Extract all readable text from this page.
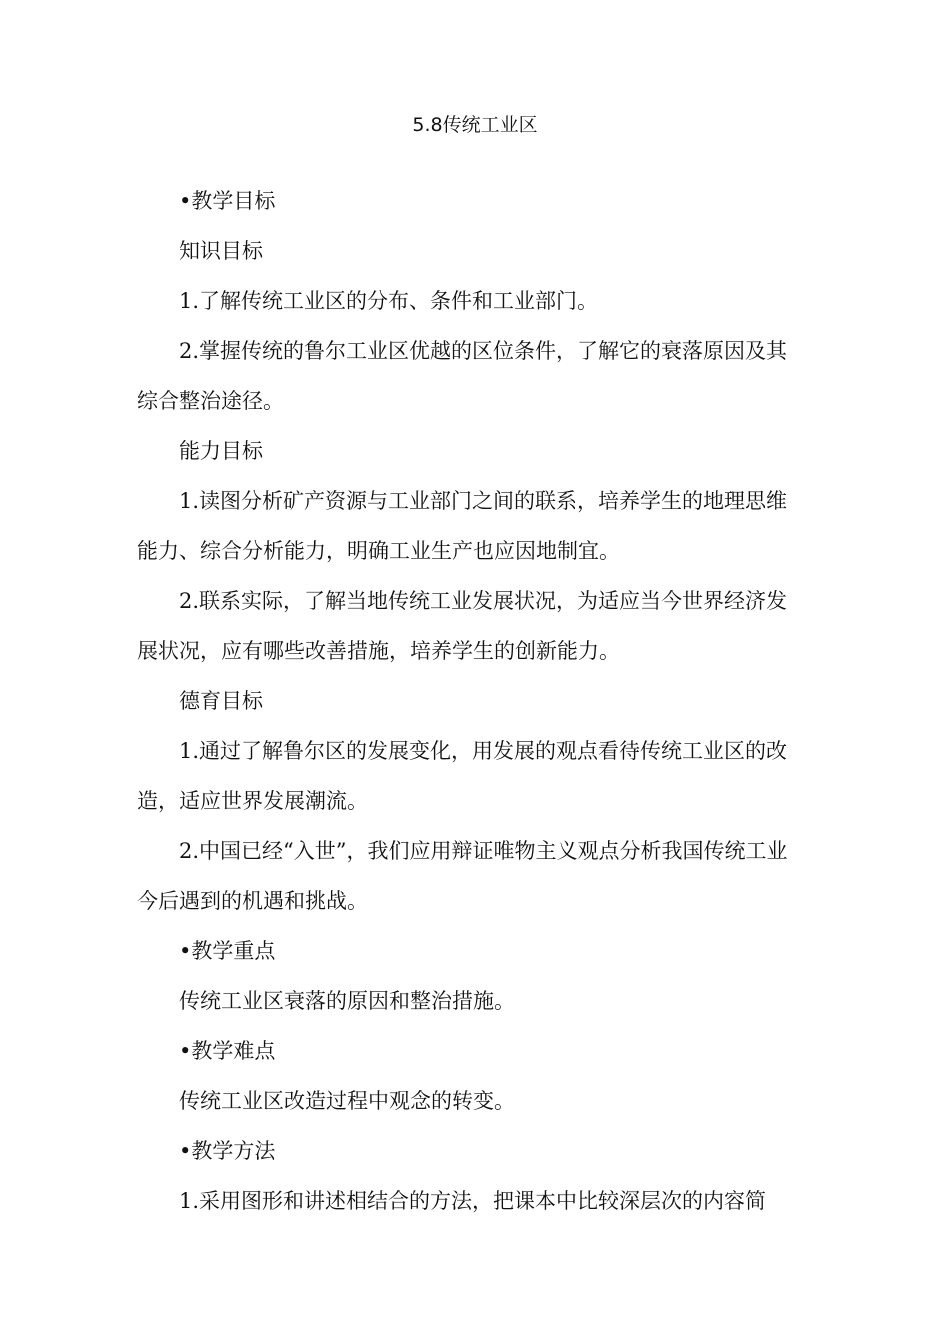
5.8传统工业区

•教学目标

知识目标

1.了解传统工业区的分布、条件和工业部门。

2.掌握传统的鲁尔工业区优越的区位条件，了解它的衰落原因及其综合整治途径。

能力目标

1.读图分析矿产资源与工业部门之间的联系，培养学生的地理思维能力、综合分析能力，明确工业生产也应因地制宜。

2.联系实际，了解当地传统工业发展状况，为适应当今世界经济发展状况，应有哪些改善措施，培养学生的创新能力。

德育目标

1.通过了解鲁尔区的发展变化，用发展的观点看待传统工业区的改造，适应世界发展潮流。

2.中国已经“入世”，我们应用辩证唯物主义观点分析我国传统工业今后遇到的机遇和挑战。

•教学重点

传统工业区衰落的原因和整治措施。

•教学难点

传统工业区改造过程中观念的转变。

•教学方法

1.采用图形和讲述相结合的方法，把课本中比较深层次的内容简
